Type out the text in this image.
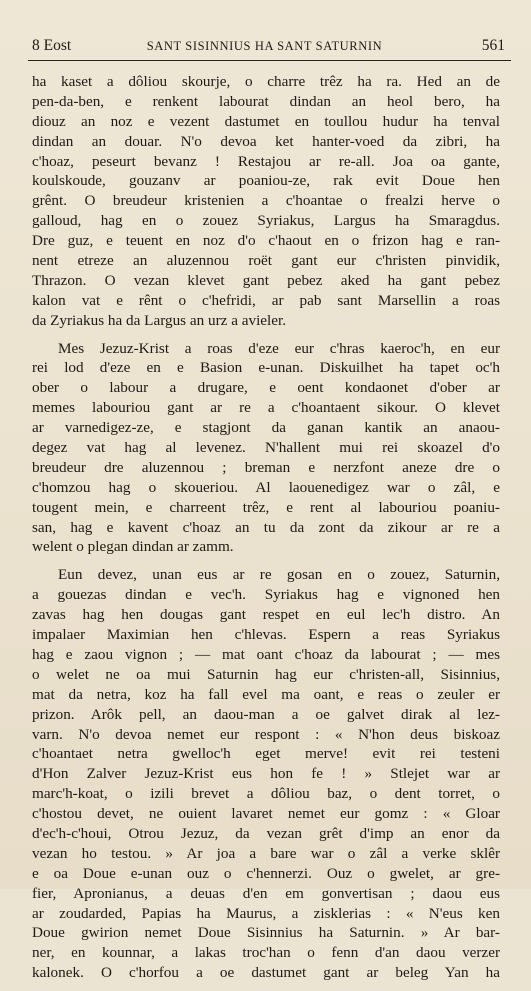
8 Eost	SANT SISINNIUS HA SANT SATURNIN	561
ha kaset a dôliou skourje, o charre trêz ha ra. Hed an de
pen-da-ben, e renkent labourat dindan an heol bero, ha
diouz an noz e vezent dastumet en toullou hudur ha tenval
dindan an douar. N'o devoa ket hanter-voed da zibri, ha
c'hoaz, peseurt bevanz ! Restajou ar re-all. Joa oa gante,
koulskoude, gouzanv ar poaniou-ze, rak evit Doue hen
grênt. O breudeur kristenien a c'hoantae o frealzi herve o
galloud, hag en o zouez Syriakus, Largus ha Smaragdus.
Dre guz, e teuent en noz d'o c'haout en o frizon hag e ran-
nent etreze an aluzennou roët gant eur c'hristen pinvidik,
Thrazon. O vezan klevet gant pebez aked ha gant pebez
kalon vat e rênt o c'hefridi, ar pab sant Marsellin a roas
da Zyriakus ha da Largus an urz a avieler.
Mes Jezuz-Krist a roas d'eze eur c'hras kaeroc'h, en eur
rei lod d'eze en e Basion e-unan. Diskuilhet ha tapet oc'h
ober o labour a drugare, e oent kondaonet d'ober ar
memes labouriou gant ar re a c'hoantaent sikour. O klevet
ar varnedigez-ze, e stagjont da ganan kantik an anaou-
degez vat hag al levenez. N'hallent mui rei skoazel d'o
breudeur dre aluzennou ; breman e nerzfont aneze dre o
c'homzou hag o skoueriou. Al laouenedigez war o zâl, e
tougent mein, e charreent trêz, e rent al labouriou poaniu-
san, hag e kavent c'hoaz an tu da zont da zikour ar re a
welent o plegan dindan ar zamm.
Eun devez, unan eus ar re gosan en o zouez, Saturnin,
a gouezas dindan e vec'h. Syriakus hag e vignoned hen
zavas hag hen dougas gant respet en eul lec'h distro. An
impalaer Maximian hen c'hlevas. Espern a reas Syriakus
hag e zaou vignon ; — mat oant c'hoaz da labourat ; — mes
o welet ne oa mui Saturnin hag eur c'hristen-all, Sisinnius,
mat da netra, koz ha fall evel ma oant, e reas o zeuler er
prizon. Arôk pell, an daou-man a oe galvet dirak al lez-
varn. N'o devoa nemet eur respont : « N'hon deus biskoaz
c'hoantaet netra gwelloc'h eget merve! evit rei testeni
d'Hon Zalver Jezuz-Krist eus hon fe ! » Stlejet war ar
marc'h-koat, o izili brevet a dôliou baz, o dent torret, o
c'hostou devet, ne ouient lavaret nemet eur gomz : « Gloar
d'ec'h-c'houi, Otrou Jezuz, da vezan grêt d'imp an enor da
vezan ho testou. » Ar joa a bare war o zâl a verke sklêr
e oa Doue e-unan ouz o c'hennerzi. Ouz o gwelet, ar gre-
fier, Apronianus, a deuas d'en em gonvertisan ; daou eus
ar zoudarded, Papias ha Maurus, a zisklerias : « N'eus ken
Doue gwirion nemet Doue Sisinnius ha Saturnin. » Ar bar-
ner, en kounnar, a lakas troc'han o fenn d'an daou verzer
kalonek. O c'horfou a oe dastumet gant ar beleg Yan ha
